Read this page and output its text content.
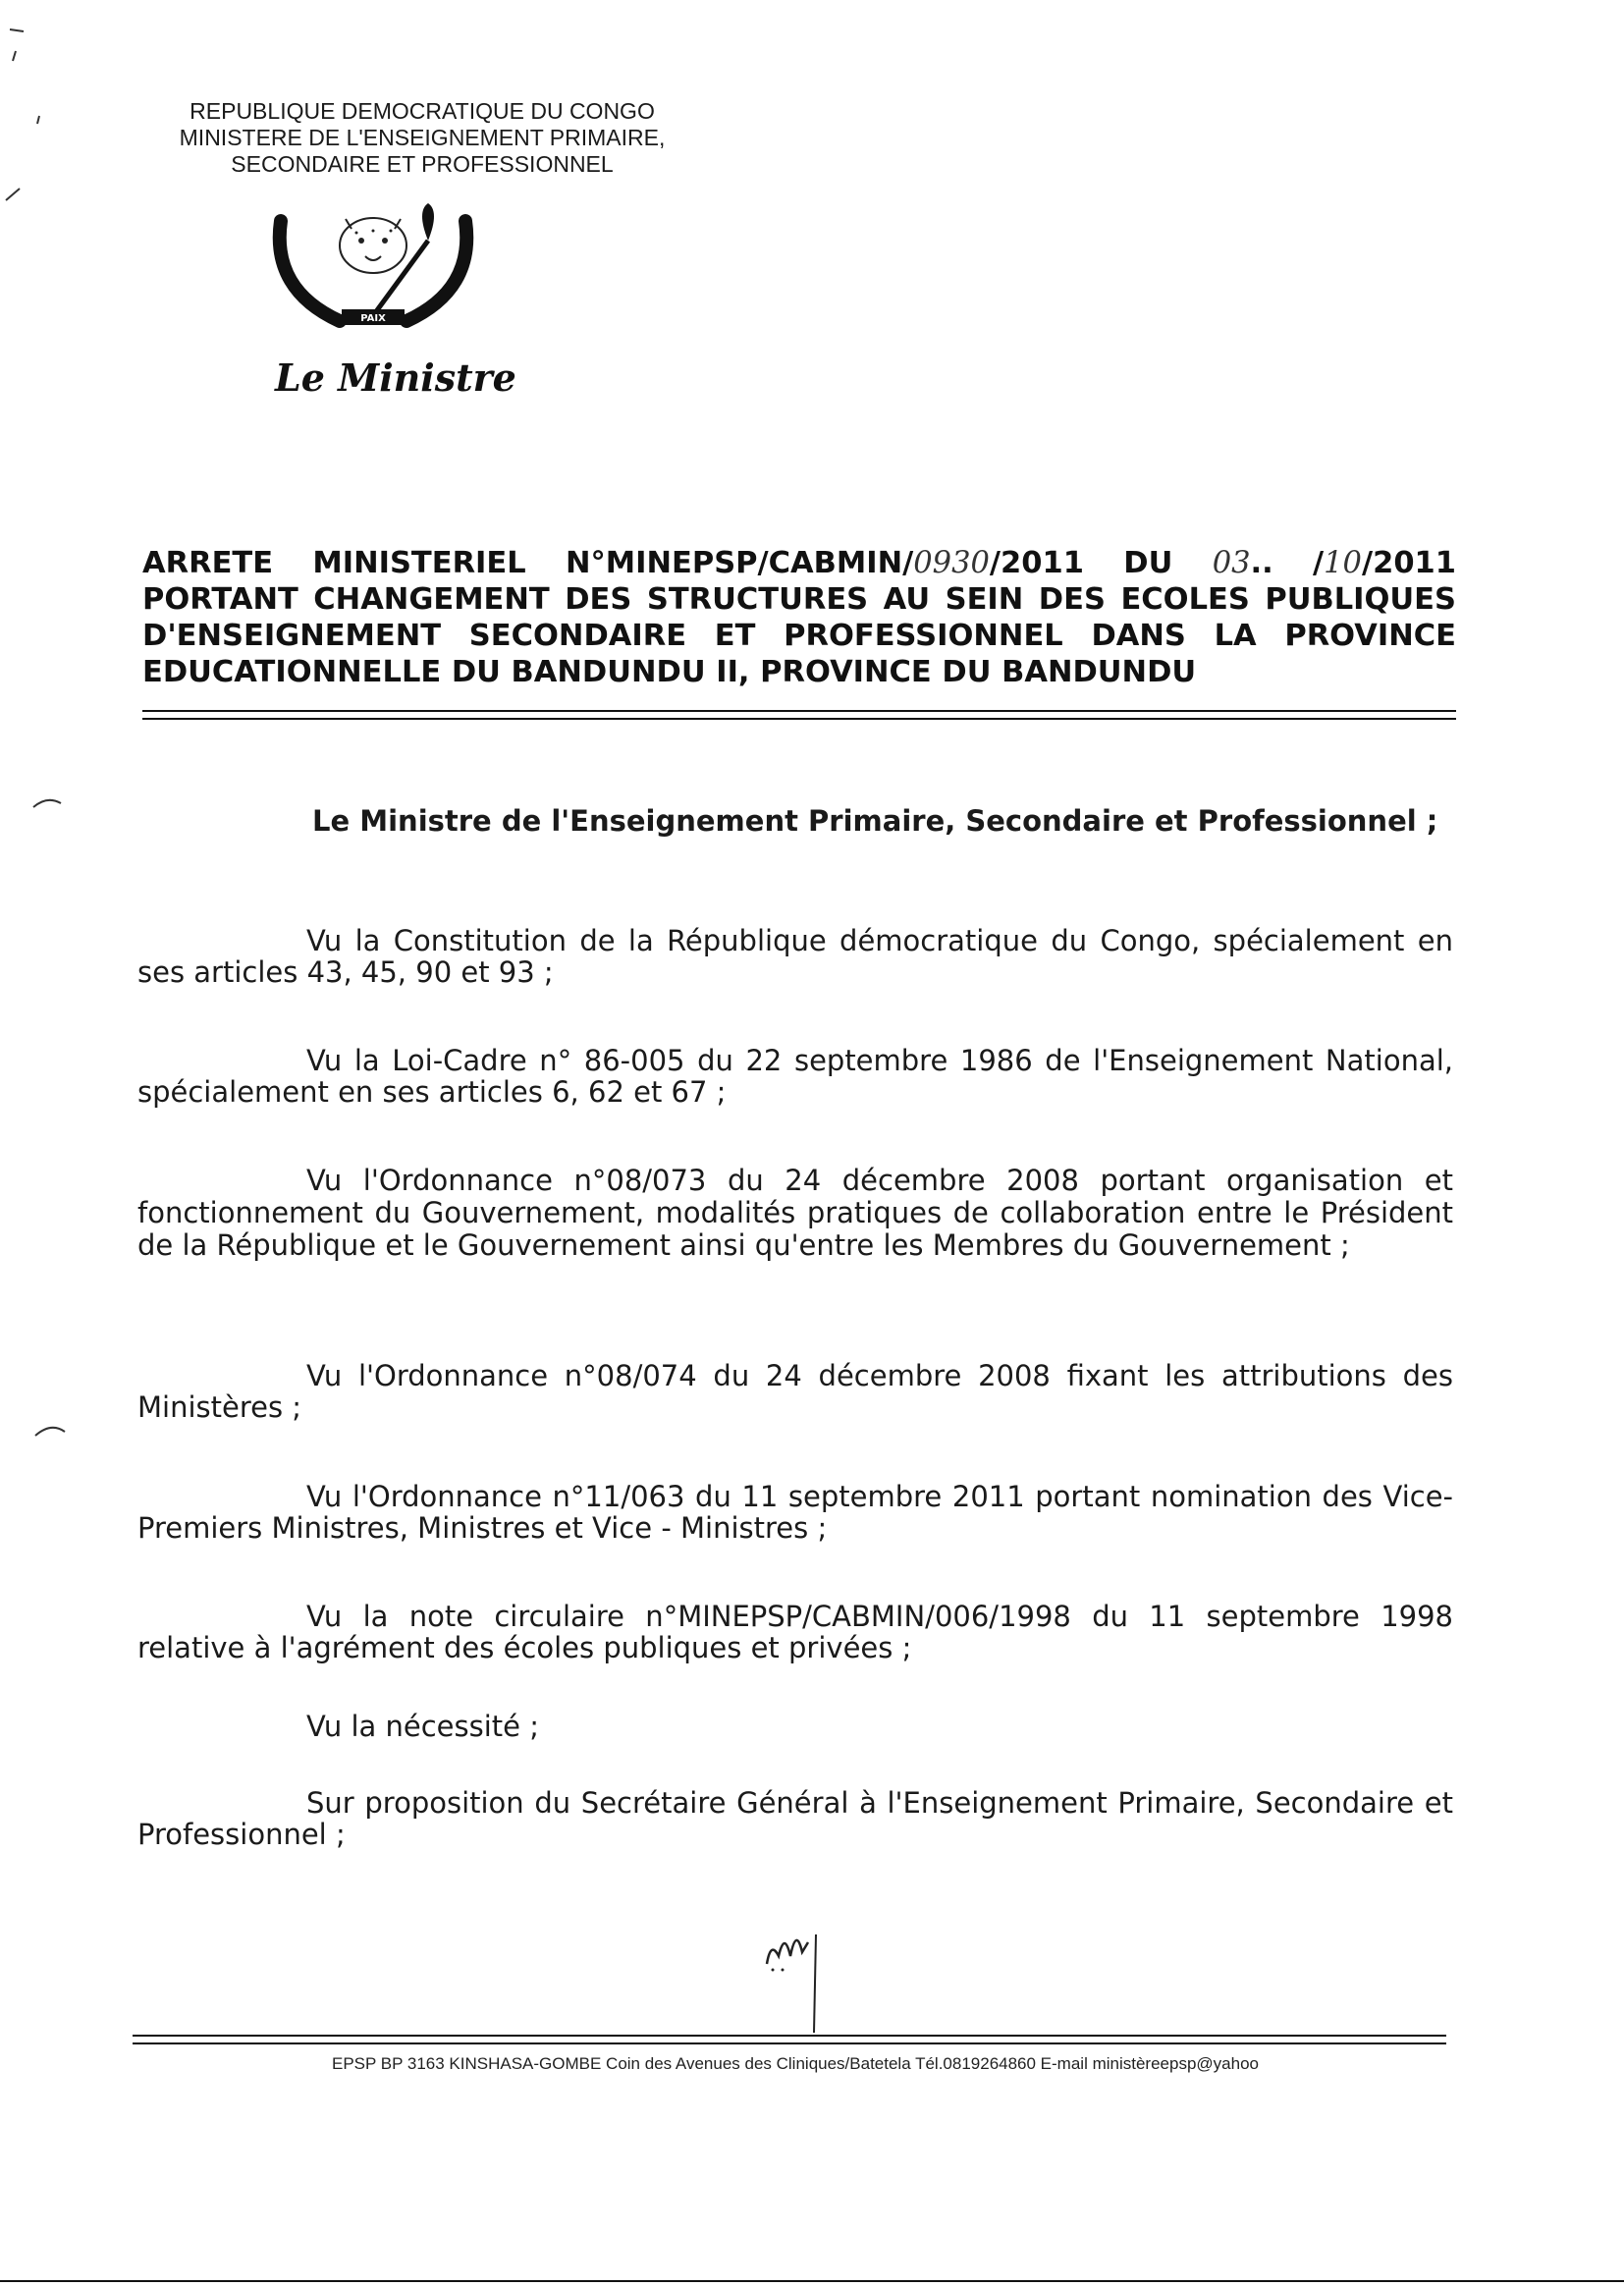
REPUBLIQUE DEMOCRATIQUE DU CONGO
MINISTERE DE L'ENSEIGNEMENT PRIMAIRE,
SECONDAIRE ET PROFESSIONNEL
PAIX
Le Ministre
ARRETE MINISTERIEL N°MINEPSP/CABMIN/0930/2011 DU 03.. /10/2011
PORTANT CHANGEMENT DES STRUCTURES AU SEIN DES ECOLES PUBLIQUES
D'ENSEIGNEMENT SECONDAIRE ET PROFESSIONNEL DANS LA PROVINCE
EDUCATIONNELLE DU BANDUNDU II, PROVINCE DU BANDUNDU
Le Ministre de l'Enseignement Primaire, Secondaire et Professionnel ;
Vu la Constitution de la République démocratique du Congo, spécialement en ses articles 43, 45, 90 et 93 ;
Vu la Loi-Cadre n° 86-005 du 22 septembre 1986 de l'Enseignement National, spécialement en ses articles 6, 62 et 67 ;
Vu l'Ordonnance n°08/073 du 24 décembre 2008 portant organisation et fonctionnement du Gouvernement, modalités pratiques de collaboration entre le Président de la République et le Gouvernement ainsi qu'entre les Membres du Gouvernement ;
Vu l'Ordonnance n°08/074 du 24 décembre 2008 fixant les attributions des Ministères ;
Vu l'Ordonnance n°11/063 du 11 septembre 2011 portant nomination des Vice-Premiers Ministres, Ministres et Vice - Ministres ;
Vu la note circulaire n°MINEPSP/CABMIN/006/1998 du 11 septembre 1998 relative à l'agrément des écoles publiques et privées ;
Vu la nécessité ;
Sur proposition du Secrétaire Général à l'Enseignement Primaire, Secondaire et Professionnel ;
EPSP BP 3163 KINSHASA-GOMBE Coin des Avenues des Cliniques/Batetela Tél.0819264860 E-mail ministèreepsp@yahoo
